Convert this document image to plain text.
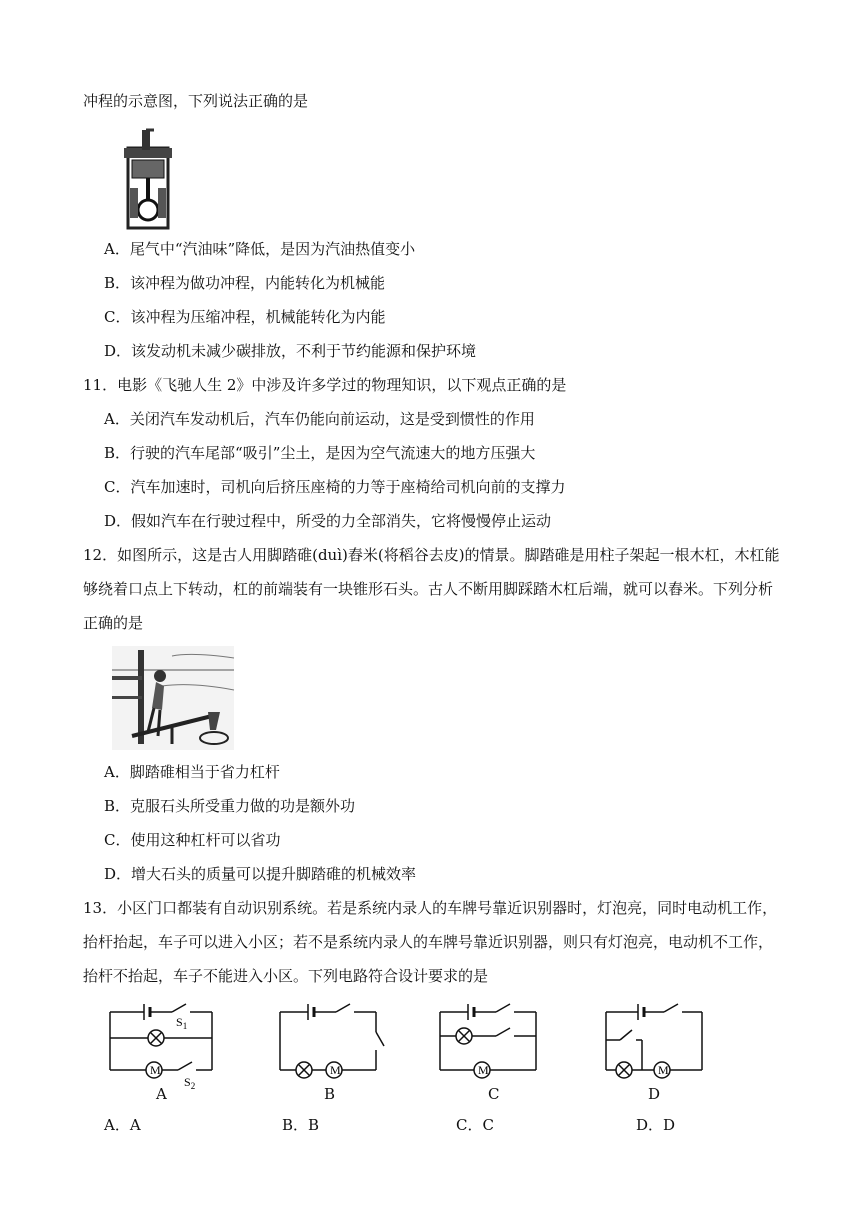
冲程的示意图，下列说法正确的是
A．尾气中“汽油味”降低，是因为汽油热值变小
B．该冲程为做功冲程，内能转化为机械能
C．该冲程为压缩冲程，机械能转化为内能
D．该发动机未减少碳排放，不利于节约能源和保护环境
11．电影《飞驰人生 2》中涉及许多学过的物理知识，以下观点正确的是
A．关闭汽车发动机后，汽车仍能向前运动，这是受到惯性的作用
B．行驶的汽车尾部“吸引”尘土，是因为空气流速大的地方压强大
C．汽车加速时，司机向后挤压座椅的力等于座椅给司机向前的支撑力
D．假如汽车在行驶过程中，所受的力全部消失，它将慢慢停止运动
12．如图所示，这是古人用脚踏碓(duì)舂米(将稻谷去皮)的情景。脚踏碓是用柱子架起一根木杠，木杠能
够绕着口点上下转动，杠的前端装有一块锥形石头。古人不断用脚踩踏木杠后端，就可以舂米。下列分析
正确的是
A．脚踏碓相当于省力杠杆
B．克服石头所受重力做的功是额外功
C．使用这种杠杆可以省功
D．增大石头的质量可以提升脚踏碓的机械效率
13．小区门口都装有自动识别系统。若是系统内录人的车牌号靠近识别器时，灯泡亮，同时电动机工作，
抬杆抬起，车子可以进入小区；若不是系统内录人的车牌号靠近识别器，则只有灯泡亮，电动机不工作，
抬杆不抬起，车子不能进入小区。下列电路符合设计要求的是
M
$S_1$
$S_2$
M	M	M
A	B	C	D
A．A	B．B	C．C	D．D
